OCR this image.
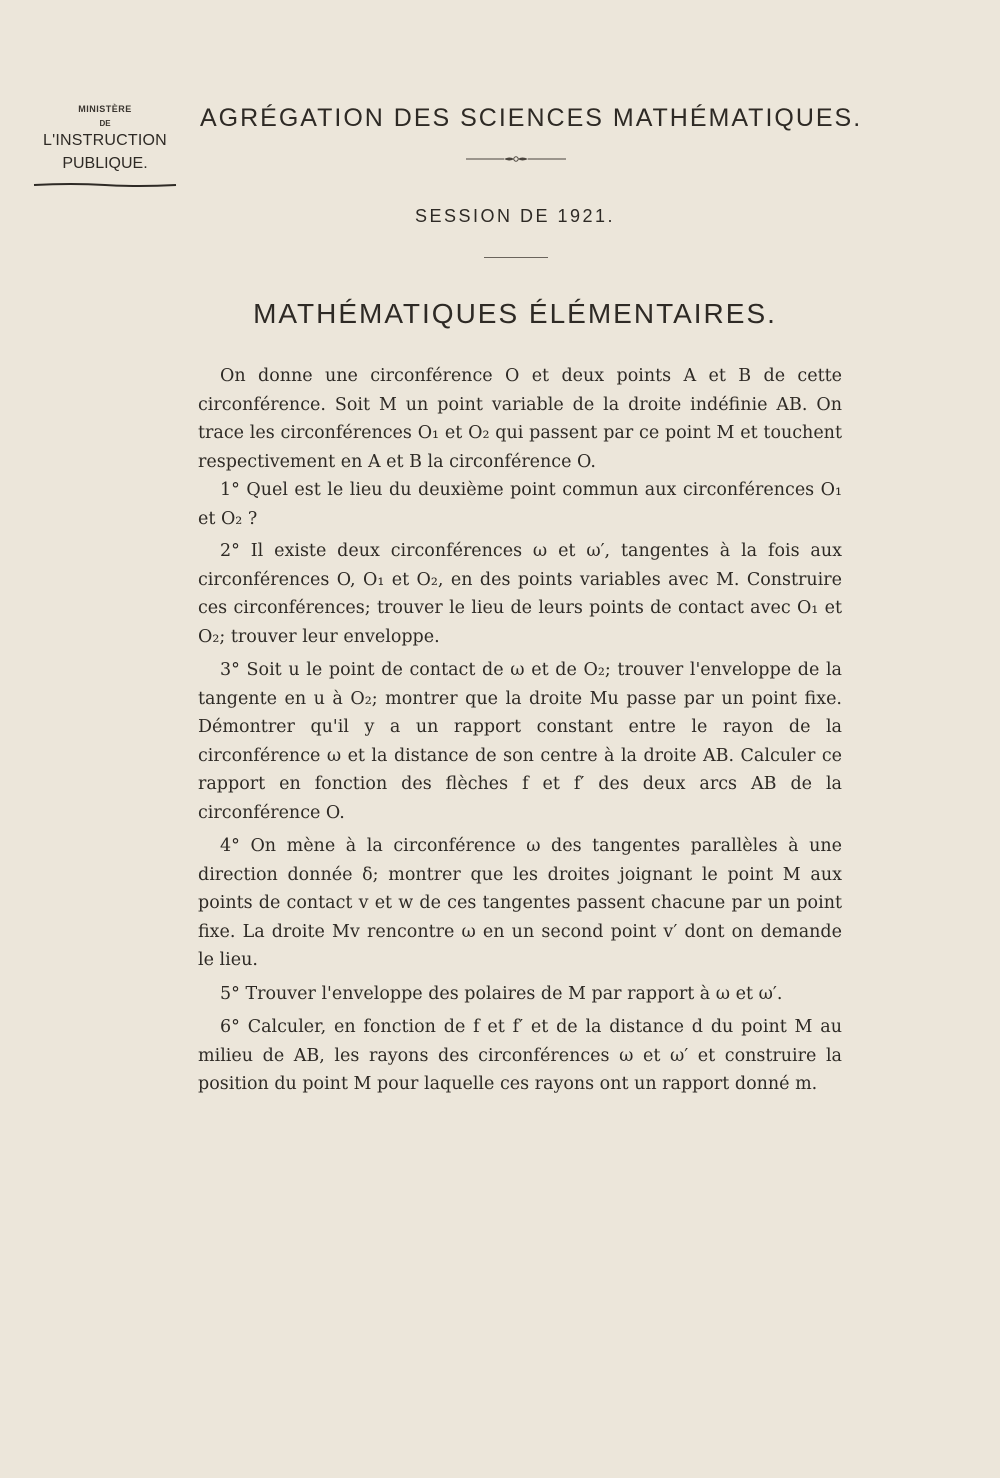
MINISTÈRE
DE
L'INSTRUCTION
PUBLIQUE.
AGRÉGATION DES SCIENCES MATHÉMATIQUES.
SESSION DE 1921.
MATHÉMATIQUES ÉLÉMENTAIRES.

On donne une circonférence O et deux points A et B de cette circonférence. Soit M un point variable de la droite indéfinie AB. On trace les circonférences O₁ et O₂ qui passent par ce point M et touchent respectivement en A et B la circonférence O.

1° Quel est le lieu du deuxième point commun aux circonférences O₁ et O₂ ?

2° Il existe deux circonférences ω et ω′, tangentes à la fois aux circonférences O, O₁ et O₂, en des points variables avec M. Construire ces circonférences; trouver le lieu de leurs points de contact avec O₁ et O₂; trouver leur enveloppe.

3° Soit u le point de contact de ω et de O₂; trouver l'enveloppe de la tangente en u à O₂; montrer que la droite Mu passe par un point fixe. Démontrer qu'il y a un rapport constant entre le rayon de la circonférence ω et la distance de son centre à la droite AB. Calculer ce rapport en fonction des flèches f et f′ des deux arcs AB de la circonférence O.

4° On mène à la circonférence ω des tangentes parallèles à une direction donnée δ; montrer que les droites joignant le point M aux points de contact v et w de ces tangentes passent chacune par un point fixe. La droite Mv rencontre ω en un second point v′ dont on demande le lieu.

5° Trouver l'enveloppe des polaires de M par rapport à ω et ω′.

6° Calculer, en fonction de f et f′ et de la distance d du point M au milieu de AB, les rayons des circonférences ω et ω′ et construire la position du point M pour laquelle ces rayons ont un rapport donné m.
